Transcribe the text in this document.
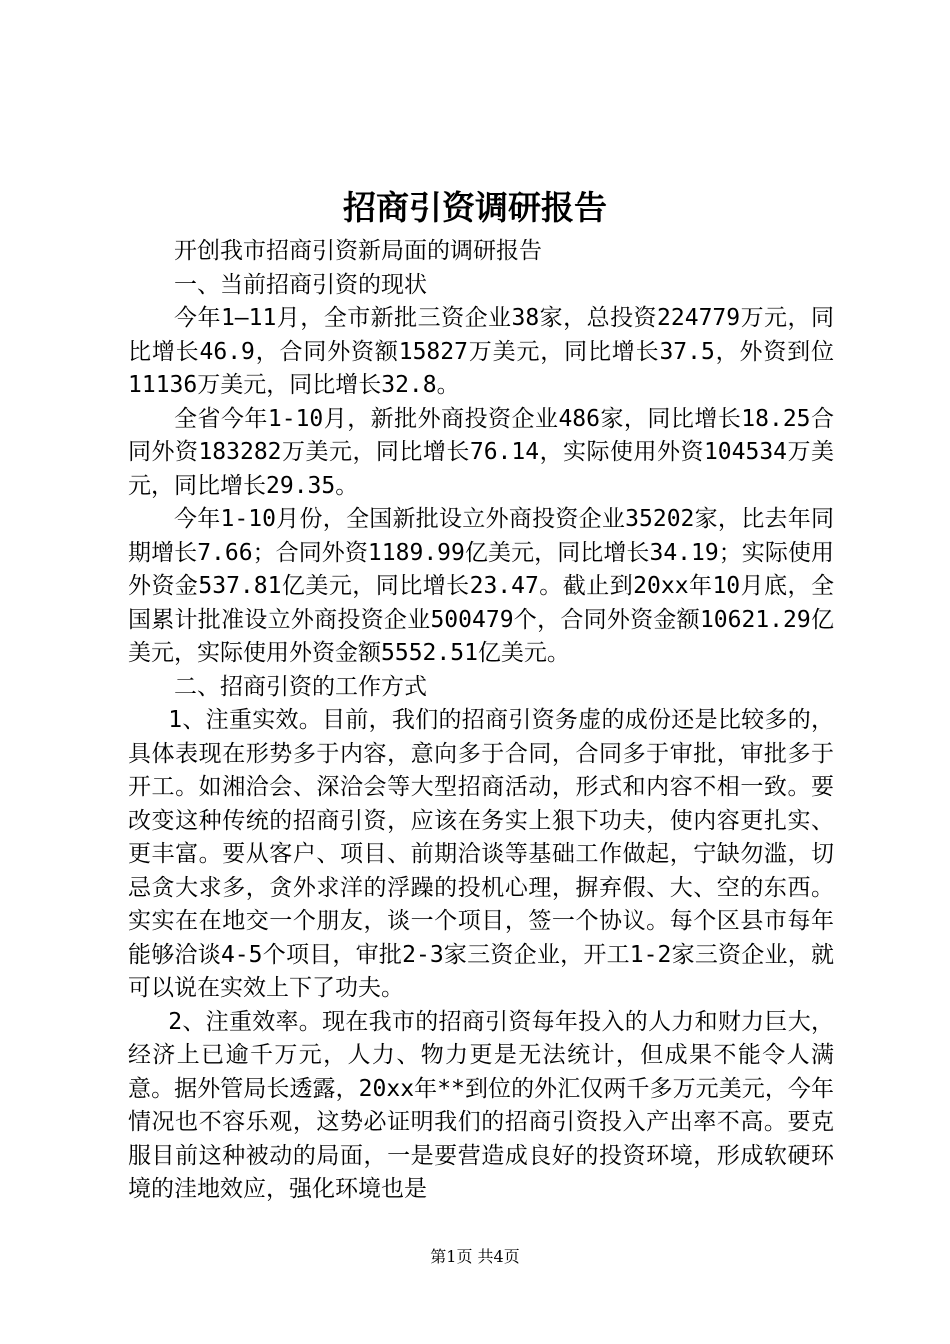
招商引资调研报告

开创我市招商引资新局面的调研报告

一、当前招商引资的现状

今年1—11月，全市新批三资企业38家，总投资224779万元，同比增长46.9，合同外资额15827万美元，同比增长37.5，外资到位11136万美元，同比增长32.8。

全省今年1-10月，新批外商投资企业486家，同比增长18.25合同外资183282万美元，同比增长76.14，实际使用外资104534万美元，同比增长29.35。

今年1-10月份，全国新批设立外商投资企业35202家，比去年同期增长7.66；合同外资1189.99亿美元，同比增长34.19；实际使用外资金537.81亿美元，同比增长23.47。截止到20xx年10月底，全国累计批准设立外商投资企业500479个，合同外资金额10621.29亿美元，实际使用外资金额5552.51亿美元。

二、招商引资的工作方式

1、注重实效。目前，我们的招商引资务虚的成份还是比较多的，具体表现在形势多于内容，意向多于合同，合同多于审批，审批多于开工。如湘洽会、深洽会等大型招商活动，形式和内容不相一致。要改变这种传统的招商引资，应该在务实上狠下功夫，使内容更扎实、更丰富。要从客户、项目、前期洽谈等基础工作做起，宁缺勿滥，切忌贪大求多，贪外求洋的浮躁的投机心理，摒弃假、大、空的东西。实实在在地交一个朋友，谈一个项目，签一个协议。每个区县市每年能够洽谈4-5个项目，审批2-3家三资企业，开工1-2家三资企业，就可以说在实效上下了功夫。

2、注重效率。现在我市的招商引资每年投入的人力和财力巨大，经济上已逾千万元，人力、物力更是无法统计，但成果不能令人满意。据外管局长透露，20xx年**到位的外汇仅两千多万元美元，今年情况也不容乐观，这势必证明我们的招商引资投入产出率不高。要克服目前这种被动的局面，一是要营造成良好的投资环境，形成软硬环境的洼地效应，强化环境也是

第1页 共4页
